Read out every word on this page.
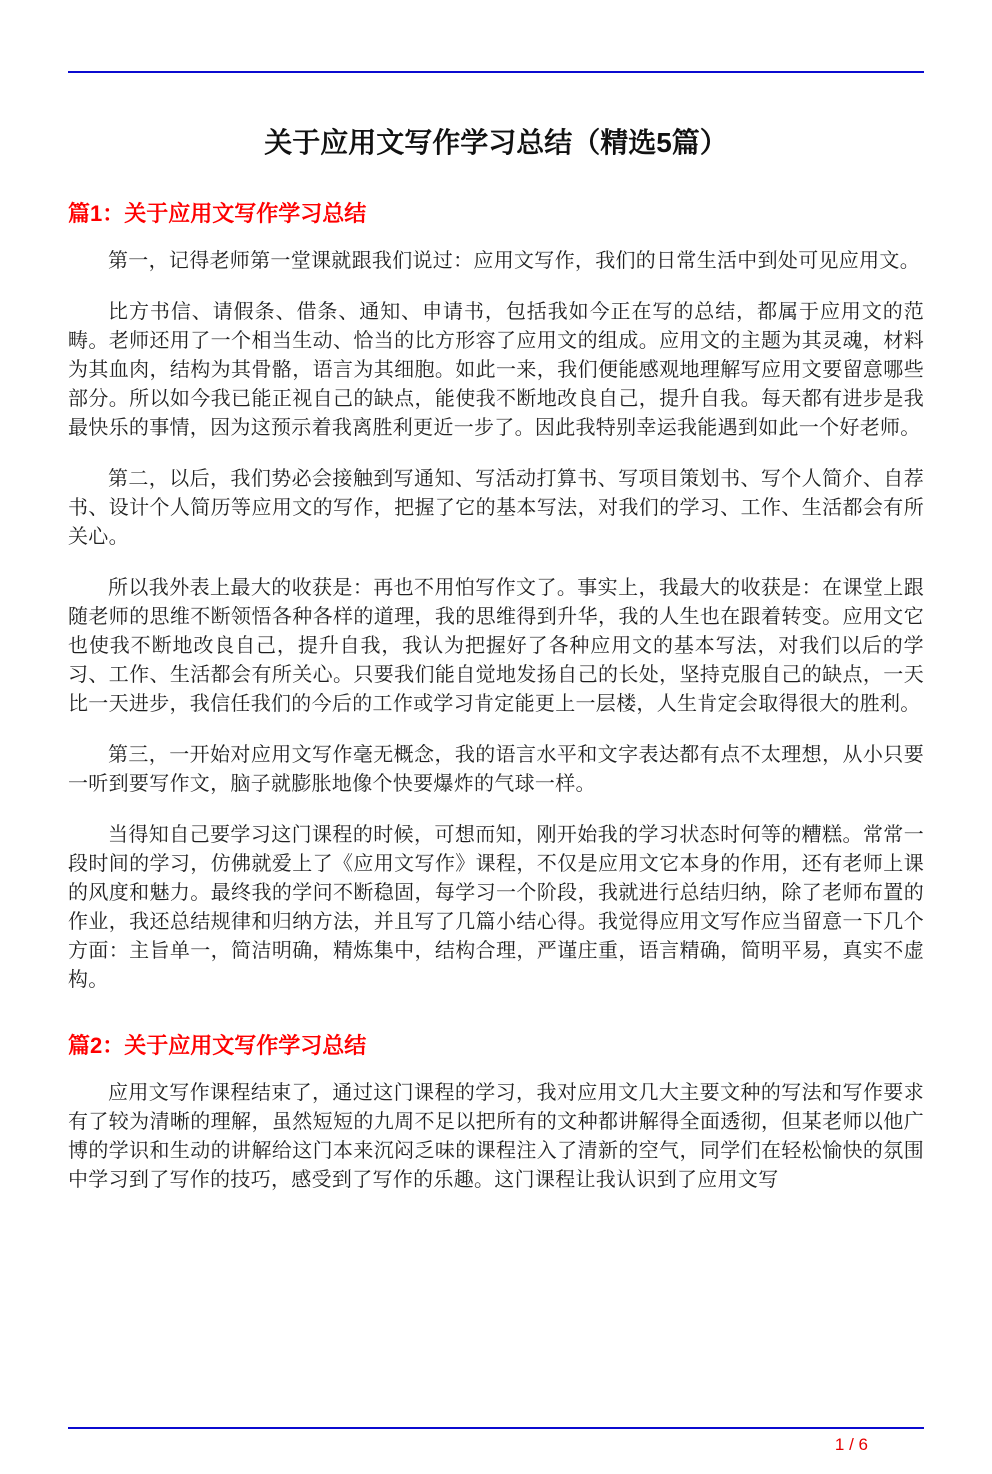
关于应用文写作学习总结（精选5篇）
篇1：关于应用文写作学习总结

第一，记得老师第一堂课就跟我们说过：应用文写作，我们的日常生活中到处可见应用文。

比方书信、请假条、借条、通知、申请书，包括我如今正在写的总结，都属于应用文的范畴。老师还用了一个相当生动、恰当的比方形容了应用文的组成。应用文的主题为其灵魂，材料为其血肉，结构为其骨骼，语言为其细胞。如此一来，我们便能感观地理解写应用文要留意哪些部分。所以如今我已能正视自己的缺点，能使我不断地改良自己，提升自我。每天都有进步是我最快乐的事情，因为这预示着我离胜利更近一步了。因此我特别幸运我能遇到如此一个好老师。

第二，以后，我们势必会接触到写通知、写活动打算书、写项目策划书、写个人简介、自荐书、设计个人简历等应用文的写作，把握了它的基本写法，对我们的学习、工作、生活都会有所关心。

所以我外表上最大的收获是：再也不用怕写作文了。事实上，我最大的收获是：在课堂上跟随老师的思维不断领悟各种各样的道理，我的思维得到升华，我的人生也在跟着转变。应用文它也使我不断地改良自己，提升自我，我认为把握好了各种应用文的基本写法，对我们以后的学习、工作、生活都会有所关心。只要我们能自觉地发扬自己的长处，坚持克服自己的缺点，一天比一天进步，我信任我们的今后的工作或学习肯定能更上一层楼，人生肯定会取得很大的胜利。

第三，一开始对应用文写作毫无概念，我的语言水平和文字表达都有点不太理想，从小只要一听到要写作文，脑子就膨胀地像个快要爆炸的气球一样。

当得知自己要学习这门课程的时候，可想而知，刚开始我的学习状态时何等的糟糕。常常一段时间的学习，仿佛就爱上了《应用文写作》课程，不仅是应用文它本身的作用，还有老师上课的风度和魅力。最终我的学问不断稳固，每学习一个阶段，我就进行总结归纳，除了老师布置的作业，我还总结规律和归纳方法，并且写了几篇小结心得。我觉得应用文写作应当留意一下几个方面：主旨单一，简洁明确，精炼集中，结构合理，严谨庄重，语言精确，简明平易，真实不虚构。

篇2：关于应用文写作学习总结

应用文写作课程结束了，通过这门课程的学习，我对应用文几大主要文种的写法和写作要求有了较为清晰的理解，虽然短短的九周不足以把所有的文种都讲解得全面透彻，但某老师以他广博的学识和生动的讲解给这门本来沉闷乏味的课程注入了清新的空气，同学们在轻松愉快的氛围中学习到了写作的技巧，感受到了写作的乐趣。这门课程让我认识到了应用文写

1 / 6
